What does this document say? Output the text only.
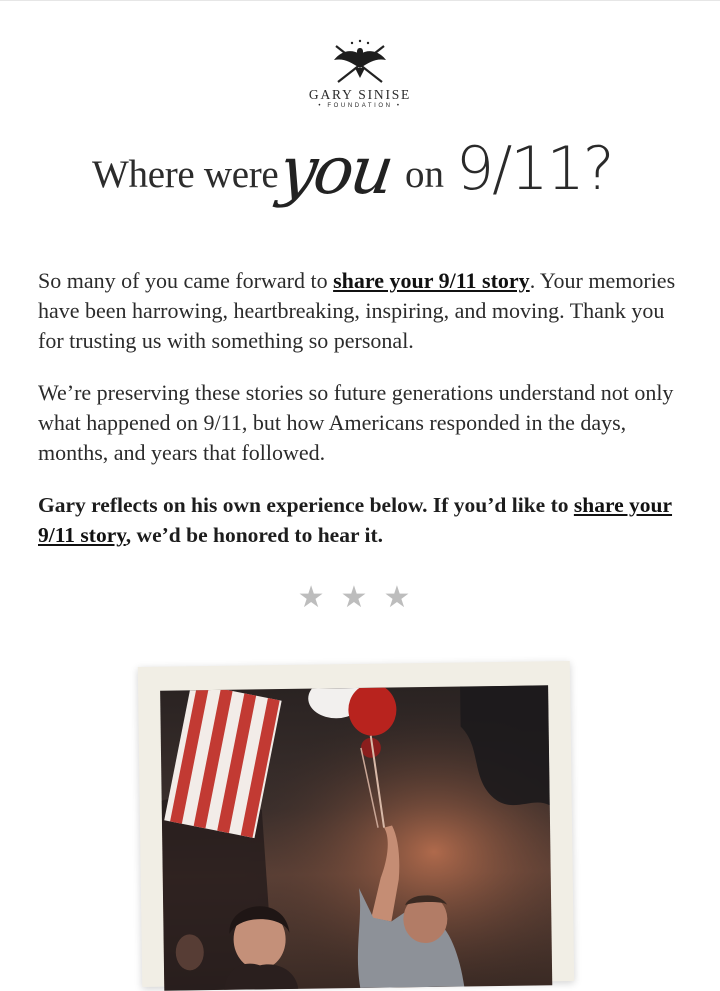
GARY SINISE
• FOUNDATION •
Where were
you on 9/11?

So many of you came forward to share your 9/11 story. Your memories have been harrowing, heartbreaking, inspiring, and moving. Thank you for trusting us with something so personal.

We’re preserving these stories so future generations understand not only what happened on 9/11, but how Americans responded in the days, months, and years that followed.

Gary reflects on his own experience below. If you’d like to share your 9/11 story, we’d be honored to hear it.

★ ★ ★
